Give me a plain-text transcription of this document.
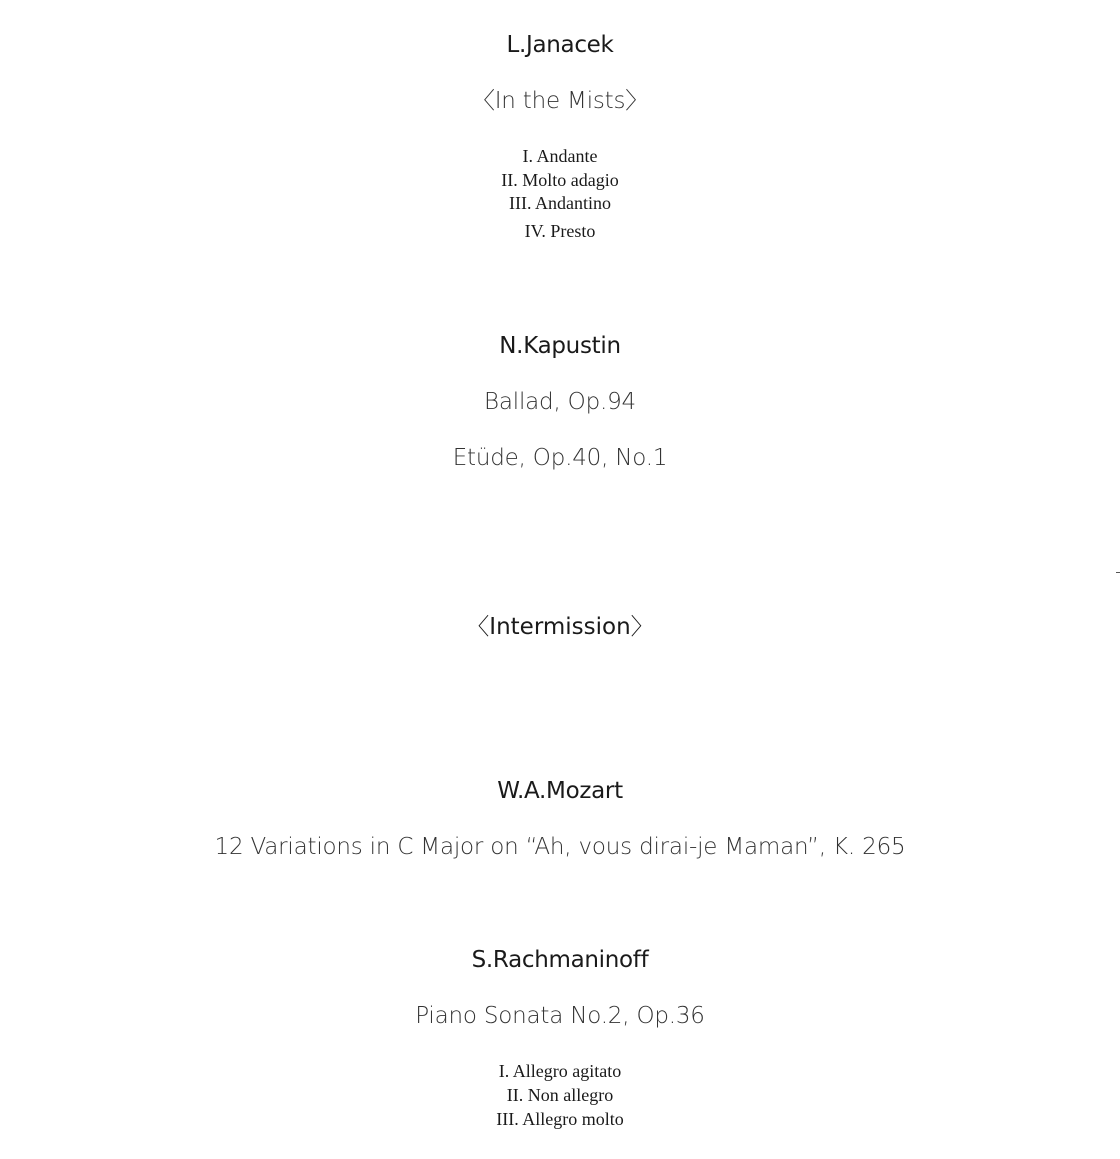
L.Janacek
〈In the Mists〉
I. Andante
II. Molto adagio
III. Andantino
IV. Presto
N.Kapustin
Ballad, Op.94
Etüde, Op.40, No.1
〈Intermission〉
W.A.Mozart
12 Variations in C Major on “Ah, vous dirai-je Maman”, K. 265
S.Rachmaninoff
Piano Sonata No.2, Op.36
I. Allegro agitato
II. Non allegro
III. Allegro molto
